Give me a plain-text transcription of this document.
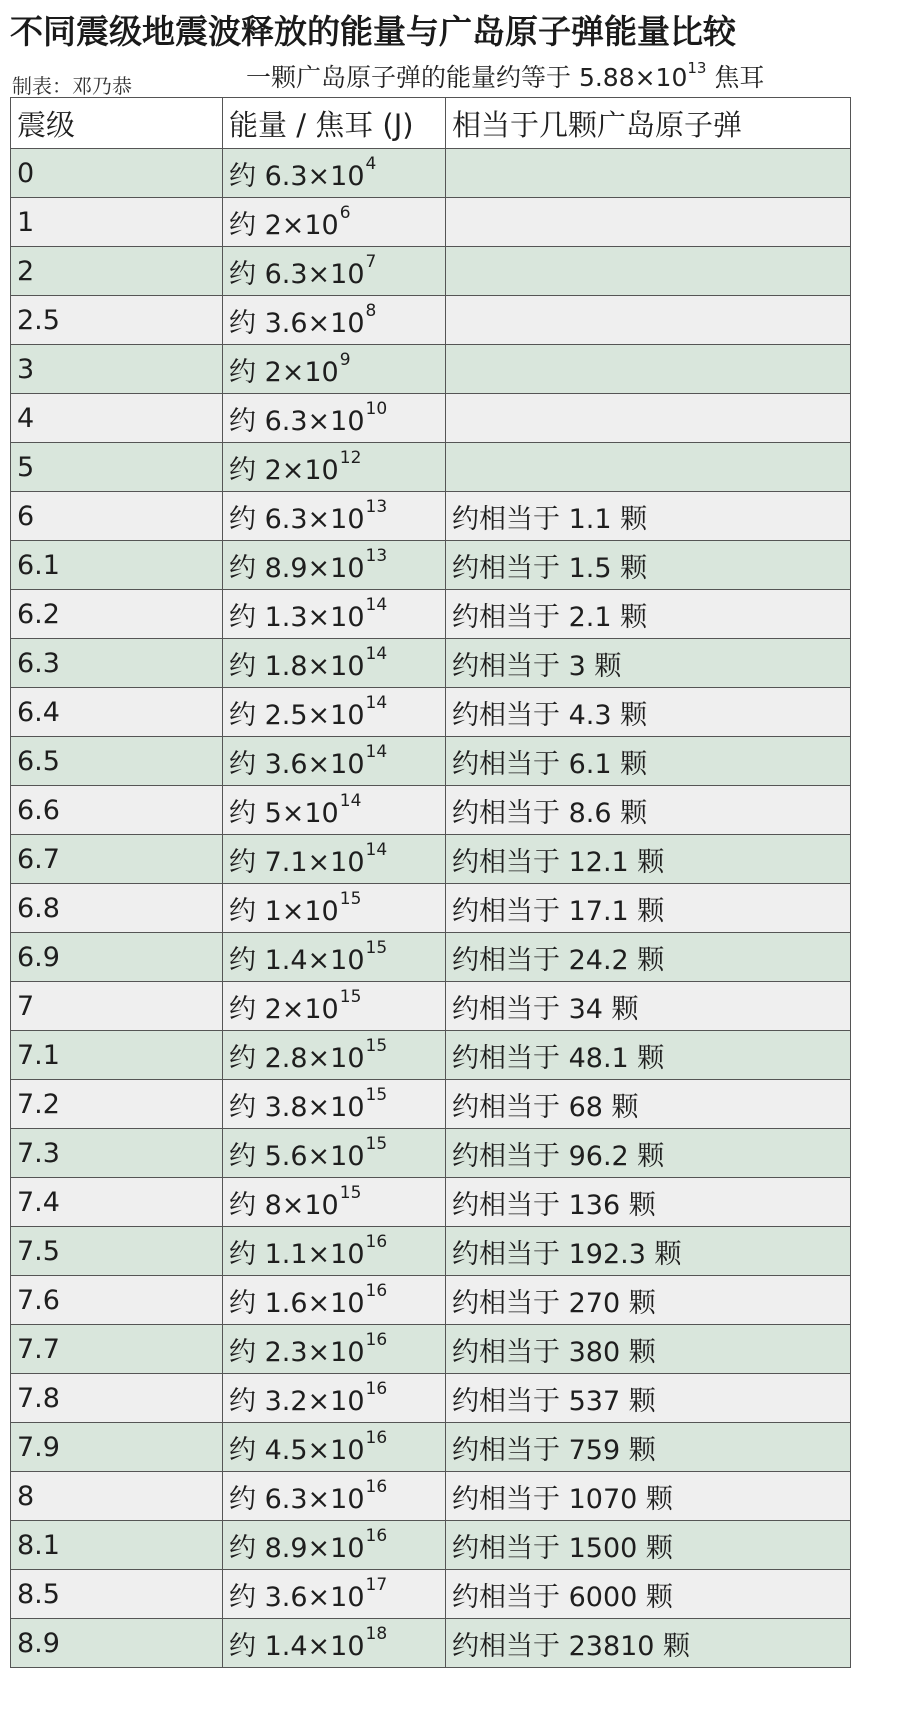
不同震级地震波释放的能量与广岛原子弹能量比较
制表：邓乃恭	一颗广岛原子弹的能量约等于 $5.88\times 10^{13}$ 焦耳
震级	能量 / 焦耳 (J)	相当于几颗广岛原子弹
0	约 $6.3\times 10^4$	
1	约 $2\times 10^6$	
2	约 $6.3\times 10^7$	
2.5	约 $3.6\times 10^8$	
3	约 $2\times 10^9$	
4	约 $6.3\times 10^{10}$	
5	约 $2\times 10^{12}$	
6	约 $6.3\times 10^{13}$	约相当于 1.1 颗
6.1	约 $8.9\times 10^{13}$	约相当于 1.5 颗
6.2	约 $1.3\times 10^{14}$	约相当于 2.1 颗
6.3	约 $1.8\times 10^{14}$	约相当于 3 颗
6.4	约 $2.5\times 10^{14}$	约相当于 4.3 颗
6.5	约 $3.6\times 10^{14}$	约相当于 6.1 颗
6.6	约 $5\times 10^{14}$	约相当于 8.6 颗
6.7	约 $7.1\times 10^{14}$	约相当于 12.1 颗
6.8	约 $1\times 10^{15}$	约相当于 17.1 颗
6.9	约 $1.4\times 10^{15}$	约相当于 24.2 颗
7	约 $2\times 10^{15}$	约相当于 34 颗
7.1	约 $2.8\times 10^{15}$	约相当于 48.1 颗
7.2	约 $3.8\times 10^{15}$	约相当于 68 颗
7.3	约 $5.6\times 10^{15}$	约相当于 96.2 颗
7.4	约 $8\times 10^{15}$	约相当于 136 颗
7.5	约 $1.1\times 10^{16}$	约相当于 192.3 颗
7.6	约 $1.6\times 10^{16}$	约相当于 270 颗
7.7	约 $2.3\times 10^{16}$	约相当于 380 颗
7.8	约 $3.2\times 10^{16}$	约相当于 537 颗
7.9	约 $4.5\times 10^{16}$	约相当于 759 颗
8	约 $6.3\times 10^{16}$	约相当于 1070 颗
8.1	约 $8.9\times 10^{16}$	约相当于 1500 颗
8.5	约 $3.6\times 10^{17}$	约相当于 6000 颗
8.9	约 $1.4\times 10^{18}$	约相当于 23810 颗
